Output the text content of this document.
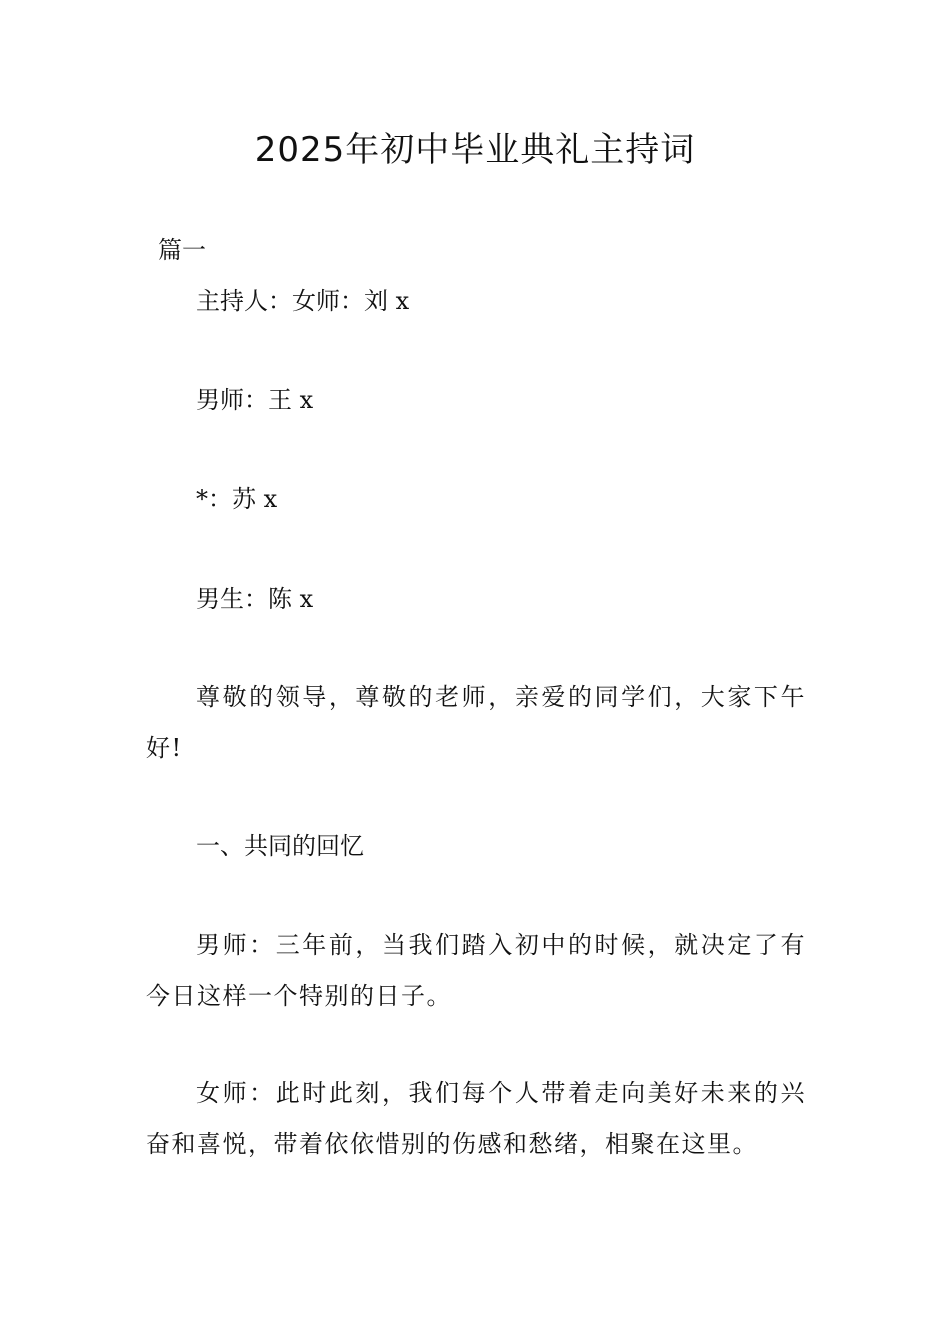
2025年初中毕业典礼主持词

篇一

主持人：女师：刘 x

男师：王 x

*：苏 x

男生：陈 x

尊敬的领导，尊敬的老师，亲爱的同学们，大家下午好!

一、共同的回忆

男师：三年前，当我们踏入初中的时候，就决定了有今日这样一个特别的日子。

女师：此时此刻，我们每个人带着走向美好未来的兴奋和喜悦，带着依依惜别的伤感和愁绪，相聚在这里。
